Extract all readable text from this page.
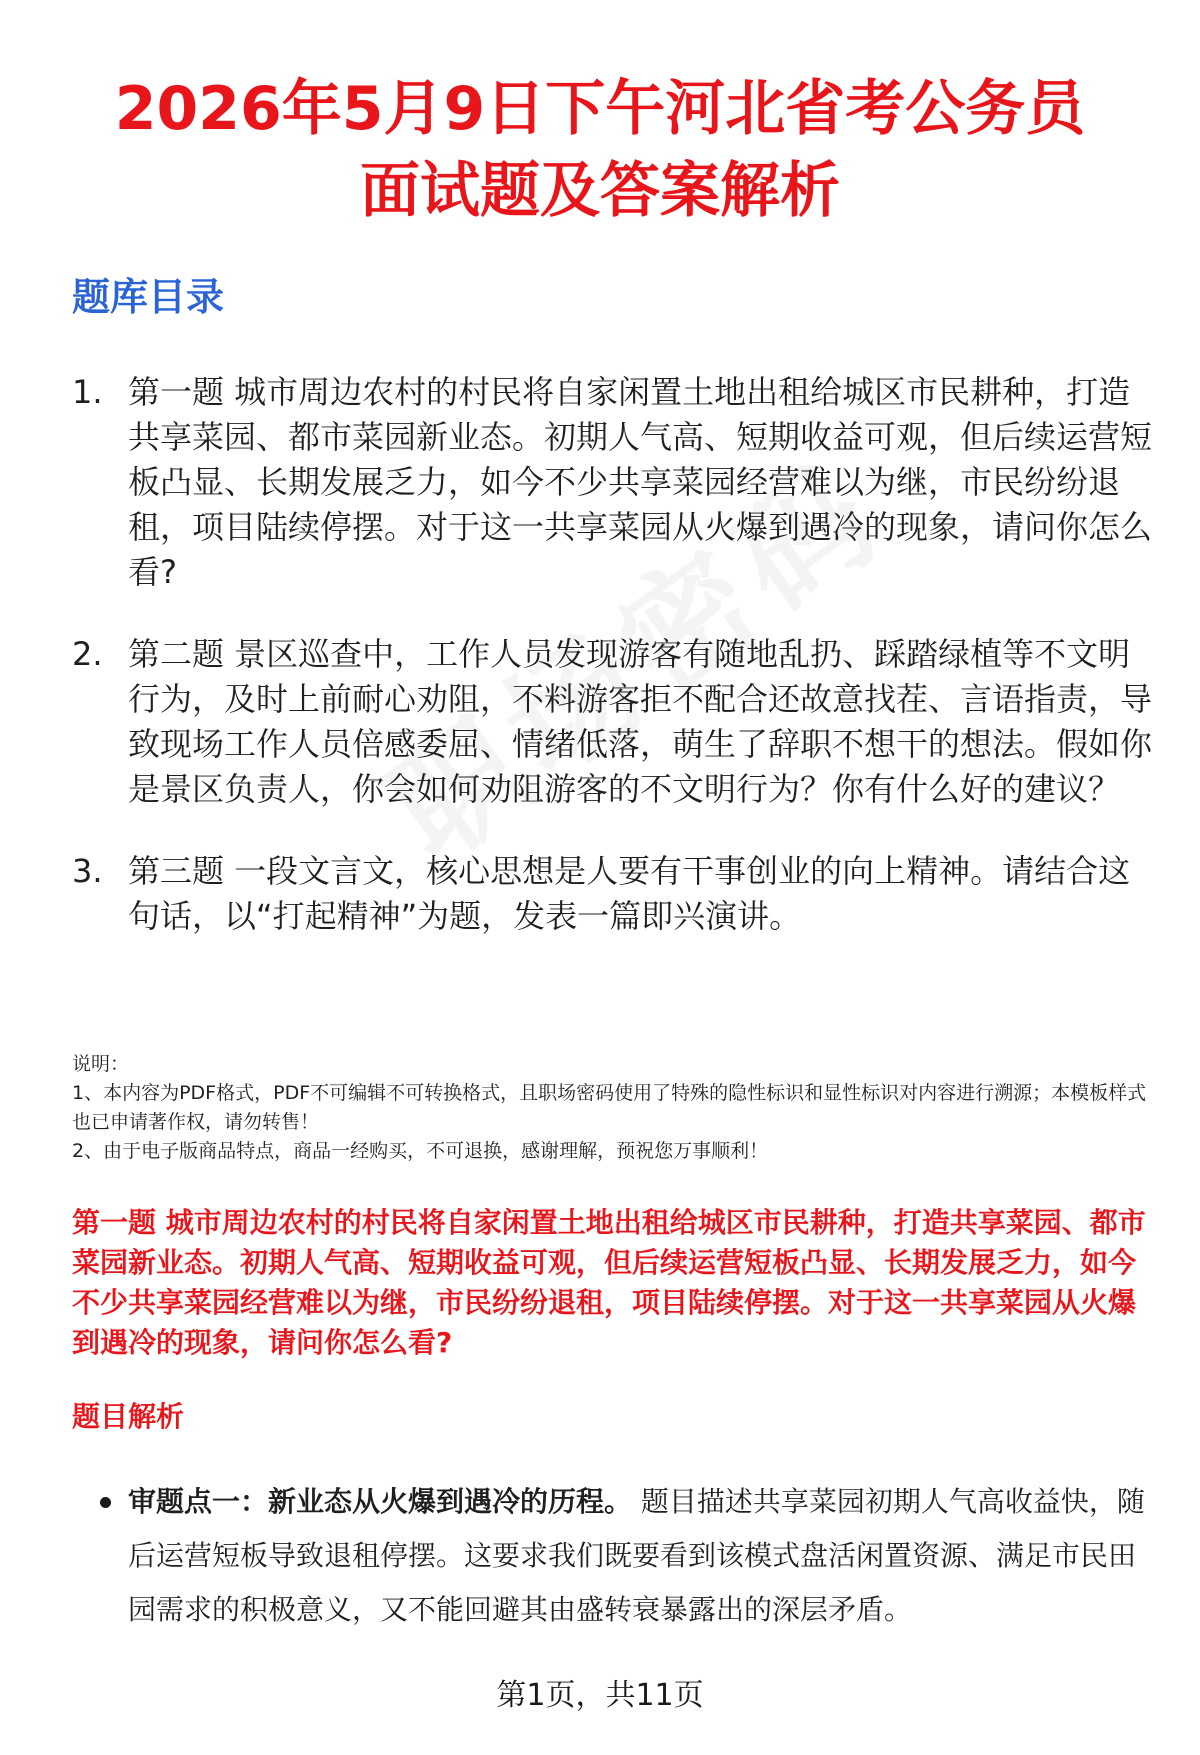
2026年5月9日下午河北省考公务员
面试题及答案解析
题库目录
1. 第一题 城市周边农村的村民将自家闲置土地出租给城区市民耕种，打造共享菜园、都市菜园新业态。初期人气高、短期收益可观，但后续运营短板凸显、长期发展乏力，如今不少共享菜园经营难以为继，市民纷纷退租，项目陆续停摆。对于这一共享菜园从火爆到遇冷的现象，请问你怎么看?
2. 第二题 景区巡查中，工作人员发现游客有随地乱扔、踩踏绿植等不文明行为，及时上前耐心劝阻，不料游客拒不配合还故意找茬、言语指责，导致现场工作人员倍感委屈、情绪低落，萌生了辞职不想干的想法。假如你是景区负责人，你会如何劝阻游客的不文明行为？你有什么好的建议？
3. 第三题 一段文言文，核心思想是人要有干事创业的向上精神。请结合这句话，以“打起精神”为题，发表一篇即兴演讲。

说明：

1、本内容为PDF格式，PDF不可编辑不可转换格式，且职场密码使用了特殊的隐性标识和显性标识对内容进行溯源；本模板样式也已申请著作权，请勿转售！

2、由于电子版商品特点，商品一经购买，不可退换，感谢理解，预祝您万事顺利！

第一题 城市周边农村的村民将自家闲置土地出租给城区市民耕种，打造共享菜园、都市菜园新业态。初期人气高、短期收益可观，但后续运营短板凸显、长期发展乏力，如今不少共享菜园经营难以为继，市民纷纷退租，项目陆续停摆。对于这一共享菜园从火爆到遇冷的现象，请问你怎么看?

题目解析
审题点一：新业态从火爆到遇冷的历程。 题目描述共享菜园初期人气高收益快，随后运营短板导致退租停摆。这要求我们既要看到该模式盘活闲置资源、满足市民田园需求的积极意义，又不能回避其由盛转衰暴露出的深层矛盾。
第1页，共11页
